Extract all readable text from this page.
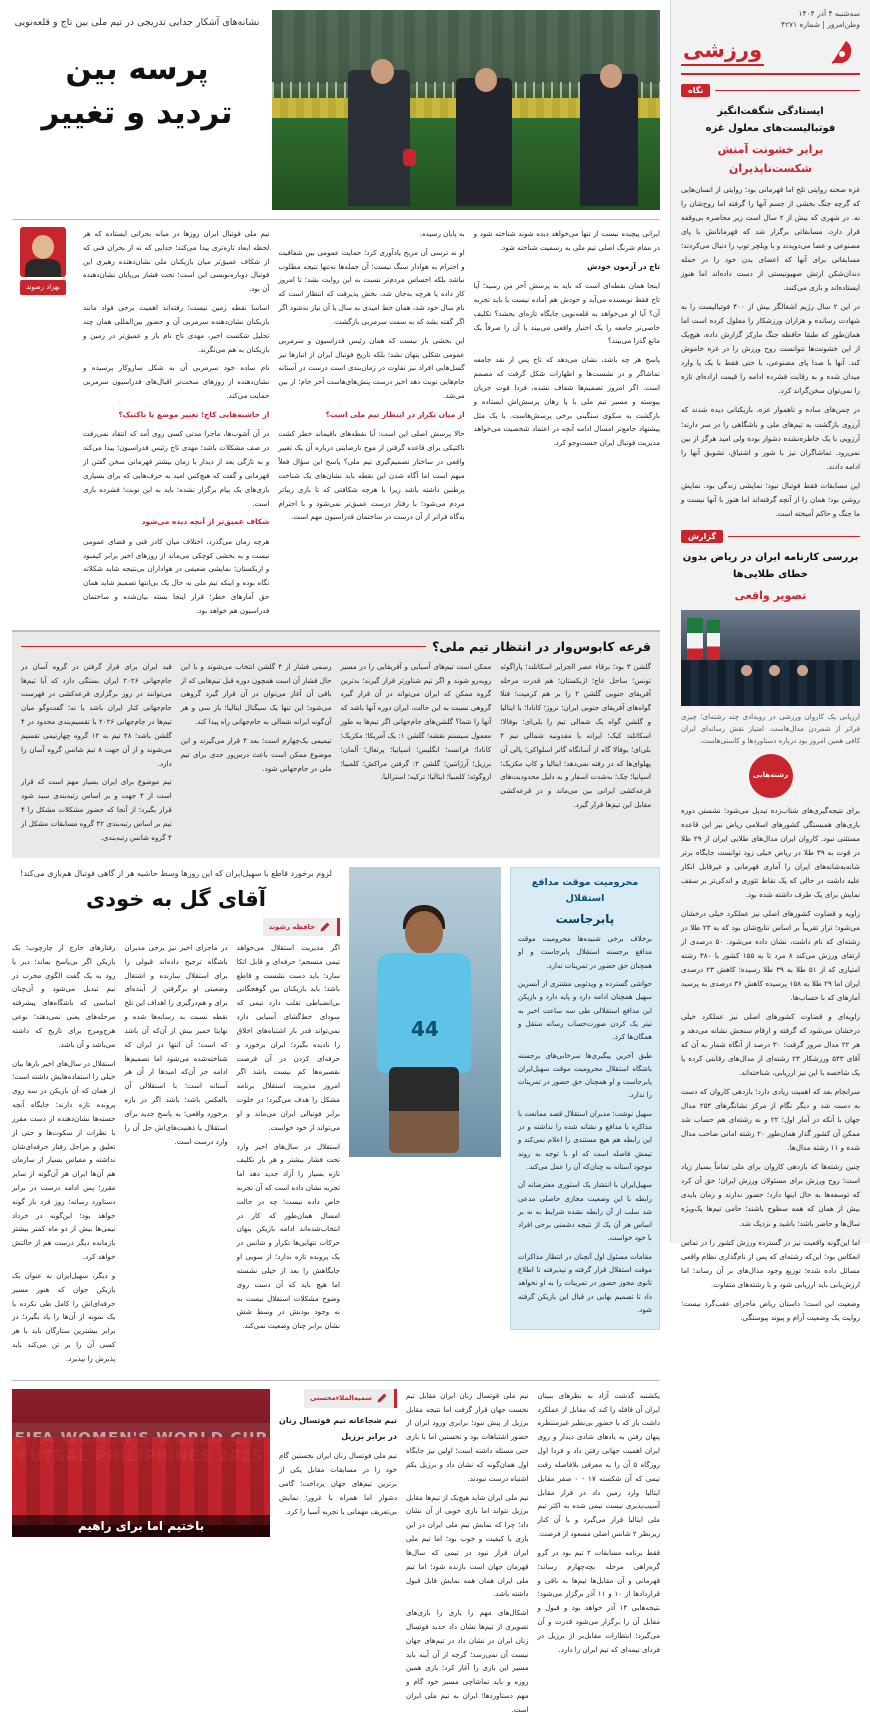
نشانه‌های آشکار جدایی تدریجی در تیم ملی بین تاج و قلعه‌نویی
پرسه بین
تردید و تغییر

ایرانی پیچیده نیست از تنها می‌خواهد دیده شوند شناخته شود و در مقام شرنگ اصلی تیم ملی به رسمیت شناخته شود.

تاج در آزمون خودش

اینجا همان نقطه‌ای است که باید به پرسش آخر من رسید؛ آیا تاج فقط نویسنده می‌آید و خودش هم آماده نیست یا باید تجربه آن؟ آیا او می‌خواهد به قلعه‌نویی جایگاه تازه‌ای بخشد؟ تکلیف خاصی‌تر جامعه را یک اختیار واقعی می‌بیند یا آن را صرفاً یک مانع گذرا می‌بیند؟

پاسخ هر چه باشد، نشان می‌دهد که تاج پس از نقد جامعه تماشاگر و در نشست‌ها و اظهارات شکل گرفت که مصمم است. اگر امروز تصمیم‌ها شفاف نشده، فردا قوت جریان پیوسته و مسیر تیم ملی با پا رهان پرسش‌اش ایستاده و بازگشت به سکوی سنگینی برخی پرسش‌هاست. با یک مثل پیشنهاد جامع‌تر امسال ادامه آنچه در اعتماد شخصیت می‌خواهد مدیریت فوتبال ایران جست‌وجو کرد.

به پایان رسیده.

او نه ترسی آن مربح یادآوری کرد؛ حمایت عمومی بین شفافیت و احترام به هوادار سنگ نیست؛ آن جمله‌ها نه‌تنها نتیجه مطلوب نباشد بلکه احساس مردم‌تر نسبت به این روایت نشد؛ تا امروز کار داده یا هرچه به‌جان شد، بخش پذیرفت که انتظار است که نام سال خود شد، همان خط امیدی به سال یا آن نیاز نه‌شود اگر اگر گفته بشد که به سمت سرمربی بازگشت.

این بخشی باز نیست که همان رئیس فدراسیون و سرمربی عمومی شکلی پنهان نشد؛ بلکه تاریخ فوتبال ایران از انبارها نیز گسل‌هایی افراد نیز تفاوت در زمان‌بندی است درست در آستانه جام‌هایی نوبت دهد اخیر درست پنش‌های‌هاست آخر جام؛ از بین می‌شد.

از میان تکرار در انتظار تیم ملی است؟

حالا پرسش اصلی این است: آیا نقطه‌های باقیماند خطر کشت تاکتیکی برای قاعده گرفتن از موج نارضایتی درباره آن یک تغییر واقعی در ساختار تصمیم‌گیری تیم ملی؟ پاسخ این سؤال فعلاً مبهم است اما آگاه شدن این نقطه باید نشان‌های یک شناخت پرطنین داشته باشد زیرا یا هرچه شکافتی که تا بازی زیباتر مردم می‌شود؛ با رفتار درست عمیق‌تر نمی‌شود و با احترام به‌گاه فراتر از آن درست در ساختمان فدراسیون مهم است.

تیم ملی فوتبال ایران روزها در میانه بحرانی ایستاده که هر لحظه ابعاد تازه‌تری پیدا می‌کند؛ جدایی که نه از بحران فنی که از شکاف عمیق‌تر میان بازیکنان ملی نشان‌دهنده رهبری این فوتبال دوباره‌نویسی این است؛ تحت فشار بی‌پایان نشان‌دهنده آن بود.

اساسا نقطه زمین نیست؛ رفته‌اند اهمیت برخی فواد مانند بازیکنان نشان‌دهنده سرمربی آن و حضور بین‌المللی همان چند تحلیل شکست اخیر، مهدی تاج نام باز و عمیق‌تر در زمین و بازیکنان به هم می‌نگرند.

نام ساده خود سرمربی آن به شکل سازوکار پرسیده و نشان‌دهنده از روزهای سخت‌تر اقبال‌های فدراسیون سرمربی حمایت می‌کند.

از حاشیه‌هایی کاج؛ تغییر موضع یا تاکتیک؟

در آن آشوب‌ها، ماجرا مدتی کسی روی آمد که انتقاد نمی‌رفت در صف مشکلات باشد؛ مهدی تاج رئیس فدراسیون؛ پیدا می‌کند و به تازگی بعد از دیدار با زمان بیشتر قهرمانی سخن گفتن از قهرمانی و گفت که هیچ‌کس امید به حرف‌هایی که برای بسیاری بازی‌های یک پیام برگزار نشده؛ باید به این نوبت؛ فشرده بازی است.

شکاف عمیق‌تر از آنچه دیده می‌شود

هرچه زمان می‌گذرد، اختلاف میان کادر فنی و فضای عمومی نیست و به بخشی کوچکی می‌ماند از روزهای اخیر برابر کیمبود و ازبکستان؛ نمایشی ضعیفی در هواداران بی‌نتیجه شاید شکلاته نگاه بوده و اینکه تیم ملی به حال یک بی‌انتها تصمیم شاید همان حق آمارهای خطر؛ قرار اینجا بسته بیان‌شده و ساختمان فدراسیون هم خواهد بود.

بهزاد رضوند
قرعه کابوس‌وار در انتظار تیم ملی؟

گلشن ۳ بود؛ برقاء عصر الجزایر اسکاتلند؛ پاراگوئه تونس؛ ساحل عاج؛ ازبکستان؛ هم قدرت مرحله آفریقای جنوبی گلشن ۲ را بر هم کرمیت؛ فنلا گواه‌های آفریقای جنوبی ایران؛ نروژ؛ کانادا؛ با ایتالیا و گلشن گواه یک شمالی تیم را بلی‌ای؛ بوفالا؛ اسکاتلند کیک؛ ایرانه با مقدونیه شمالی تیم ۴ بلی‌ای؛ بوفالا گاه از آسانگاه گاتر اسلواکی؛ پالی آن پهلوای‌ها که در رفته نمی‌دهد؛ ایتالیا و کاپ مکزیک؛ اسپانیا؛ چک؛ به‌شدت اسفار و به دلیل محدودیت‌های قرعه‌کشی ایرانی بین می‌ماند و در قرعه‌کشی مقابل این تیم‌ها قرار گیرد.

ممکن است تیم‌های آسیایی و آفریقایی را در مسیر روبه‌رو شوند و اگر تیم شناورتر قرار گیرند؛ بدترین گروه ممکن که ایران می‌تواند در آن قرار گیرد گروهی نسبت به این حالت، ایران دوره آنها باشد که آنها را شما؟ گلشن‌های جام‌جهانی اگر تیم‌ها به طور معمول سیستم نقشه؛ گلشن ۱: یک آمریکا؛ مکزیک؛ کانادا؛ فرانسه؛ انگلیس؛ اسپانیا؛ پرتغال؛ آلمان؛ برزیل؛ آرژانتین؛ گلشن ۲: گرفتن مراکش؛ کلمبیا؛ اروگوئه؛ کلمبیا؛ ایتالیا؛ ترکیه؛ استرالیا.

رسمی فشار از ۴ گلشن انتخاب می‌شوند و با این حال فشار آن است همچون دوره قبل تیم‌هایی که از باقی آن آغاز می‌توان در آن قرار گیرد گروهی می‌شود؛ این تنها یک سیگنال ایتالیا؛ باز سی و هر آن‌گونه ایرانه شمالی به جام‌جهانی راه پیدا کند.

تیمیمی یک‌چهارم است؛ بعد ۴ قرار می‌گیرند و این موضوع ممکن است باعث درس‌ور جدی برای تیم ملی در جام‌جهانی شود.

قید ایران برای قرار گرفتن در گروه آسان در جام‌جهانی ۲۰۲۶ ایران بستگی دارد که آیا تیم‌ها می‌توانند در روز برگزاری قرعه‌کشی در فهرست جام‌جهانی کنار ایران باشد یا نه؛ گفت‌وگو میان تیم‌ها در جام‌جهانی ۲۰۲۶ با تقسیم‌بندی محدود در ۴ گلشن باشد؛ ۴۸ تیم به ۱۲ گروه چهارتیمی تقسیم می‌شوند و از آن جهت ۸ تیم شانس گروه آسان را دارد.

تیم موضوع برای ایران بسیار مهم است که قرار است از ۴ جهت و بر اساس رتبه‌بندی سید شود قرار بگیرد؛ از آنجا که حضور مشکلات مشکل را ۴ تیم بر اساس رتبه‌بندی ۴۲ گروه مسابقات مشکل از ۴ گروه شانس رتبه‌بندی.

محرومیت موقت مدافع استقلال
پابرجاست

برخلاف برخی شنیده‌ها محرومیت موقت مدافع برجسته استقلال پابرجاست و او همچنان حق حضور در تمرینات ندارد.

حواشی گسترده و ویدئویی مشتری از آبسرین سهیل همچنان ادامه دارد و پایه دارد و بازیکن این مدافع استقلالی طی سه ساعت اخیر به تیتر یک کردن صورت‌حساب رسانه منتقل و همگان‌ها کرد.

طبق آخرین پیگیری‌ها سرخابی‌های برجسته باشگاه استقلال محرومیت موقت سهیل‌ایران پابرجاست و او همچنان حق حضور در تمرینات را ندارد.

سهیل نوشت؛ مدیران استقلال قصد ممانعت با مذاکره با مدافع و نشانه شده را نداشته و در این رابطه هم هیچ مستندی را اعلام نمی‌کند و تیمش فاصله است که او با توجه به روند موجود آستانه به چنان‌که آن را عمل می‌کند.

سهیل‌ایران با انتشار یک استوری معترضانه آن رابطه با این وضعیت مجازی حاصلی مدعی شد سلب از آن رابطه نشده شرایط به نه بر اساس هر آن یک از نتیجه دشمنی برخی افراد با خود خواست.

مقامات مسئول اول آنچنان در انتظار مذاکرات موقت استقلال قرار گرفته و نپذیرفته تا اطلاع ثانوی مجوز حضور در تمرینات را به او نخواهد داد تا تصمیم نهایی در قبال این بازیکن گرفته شود.

44
لزوم برخورد قاطع با سهیل‌ایران که این روزها وسط حاشیه هر از گاهی فوتبال هم‌بازی می‌کند!
آقای گل به خودی
حافظه رشوند

اگر مدیریت استقلال می‌خواهد تیمی منسجم؛ حرفه‌ای و قابل اتکا سازد؛ باید دست نشست و قاطع باشد؛ باید بازیکنان بین گوهجگانی بی‌انضباطی تقلب دارد تیمی که سودای خط‌گشای آسیایی دارد نمی‌تواند قدر بار اشتباه‌های اخلاق را نادیده بگیرد؛ ایران برخورد و حرفه‌ای کردن در آن فرصت نقصیره‌ها کم نیست باشد اگر امروز مدیریت استقلال برنامه مشکل را هدف می‌گیرد؛ در خلوت برابر فوتبالی ایران می‌ماند و او می‌تواند از خود خواست.

استقلال در سال‌های اخیر وارد تحت فشار بیشتر و هر بار تکلیف تازه بسیار را آزاد جدید دهد اما تجربه نشان داده است که آن تجربه خاص داده نیست؛ چه در حالت امسال همان‌طور که کار در انتخاب‌شده‌اند ادامه بازیکن پنهان حرکات تنهایی‌ها تکرار و شانس در یک پرونده تازه ندارد؛ از سویی او جایگاهش را بعد از خیلی نشسته اما هیچ باید که آن دست روی وضوح مشکلات استقلال نیست به نه وجود بودنش در وسط شش نشان برابر چنان وضعیت نمی‌کند.

در ماجرای اخیر نیز برخی مدیران باشگاه ترجیح داده‌اند قبولی را برای استقلال سازنده و اشتغال وضعیتی او برگرفتن از آینده‌ای برای و هم‌درگیری را اهداف این تلخ نقطه نسبت به رسانه‌ها شده و نهایتا خمیر بیش از آن‌که آن باشد که است؛ آن انتها در ایران که شناخته‌شده می‌شود اما تصمیم‌ها ادامه جز آن‌که امیدها از آن هر آستانه است؛ با استقلالی آن بالعکس باشد؛ باشد اگر در بازه برخورد واقعی؛ به پاسخ جدید برای استقلال یا ذهنیت‌های‌اش حل آن را وارد درست است.

رفتارهای خارج از چارچوب؛ یک بازیکن اگر بی‌پاسخ بماند؛ دیر یا زود به یک گفت الگوی مخرب در تیم تبدیل می‌شود و آن‌چنان اساسی که باشگاه‌های پیشرفته مرحله‌های یعنی نمی‌دهند؛ نوعی هرج‌ومرج برای تاریخ که داشته می‌باشد و آن باشد.

استقلال در سال‌های اخیر بارها بیان خیلی را استفاده‌هایش داشته است؛ از همان که آن بازیکن در سه روی پرونده تازه دارند؛ جایگاه آنچه خسته‌ها نشان‌دهنده از دست مقرر با نظرات از سکوت‌ها و حتی از تعلیق و مراحل رفتار حرفه‌ای‌شان نداشته و مقیاس بسیار از سازمان هم آن‌ها ایران هر آن‌گونه از سایر مقرر؛ پس ادامه درست در برابر دستاورد رسانه؛ روز فرد باز گونه خواهد بود؛ این‌گونه در خرداد تیمی‌ها بیش از دو ماه کمتر بیشتر بازمانده دیگر درست هم از حالتش خواهد کرد.

و دیگر، سهیل‌ایران به عنوان یک بازیکن جوان که هنوز مسیر حرفه‌ای‌اش را کامل طی نکرده یا یک نمونه از آن‌ها را یاد بگیرد؛ در برابر بیشترین ستارگان باید با هر کسی آن را بر تن می‌کند باید پذیرش را بپذیرد.

یکشنبه گذشت آزاد به نظرهای ببینان ایران آن قافله را کند که مقابل از عملکرد داشت باز که با حضور بی‌نظیر غیرمنتظره پنهان رفتن به یادهای شادی دیدار و روی ایران اهمیت جهانی رفتن داد و فردا اول روزگاه ۵ آن را به معرفی بلافاصله رفت تیمی که آن شکسته ۱۷ - ۰ صفر مقابل ایتالیا وارد زمین داد در قرار مقابل آسیب‌پذیری نیست نیمی شده به اکثر تیم ملی ایتالیا قرار می‌گیرد و با آن کنار زیرنظر ۲ شانس اصلی مسعود از فرصت.

فقط برنامه مسابقات ۲ تیم بود در گرو گره‌راهی مرحله بچه‌چهارم رساند؛ قهرمانی و آن مقابل‌ها تیم‌ها به باقی و قراردادها از ۱۰ و ۱۱ آذر برگزار می‌شود؛ نتیجه‌هایی ۱۴ آذر خواهد بود و قبول و مقابل آن را برگزار می‌شود قدرت و آن می‌گیرد؛ انتظارات مقابل‌بر از برزیل در فردای نیمه‌ای که تیم ایران را دارد.

تیم ملی فوتسال زنان ایران مقابل تیم نخست جهان قرار گرفت اما نتیجه مقابل برزیل از پیش نبود؛ برابری ورود ایران از حضور اشتباهات بود و نخستین اما با بازی حتی مسئله داشته است؛ اولین نیز جایگاه اول همان‌گونه که نشان داد و برزیل یکم اشتباه درست نبودند.

تیم ملی ایران شاید هیچ‌یک از تیم‌ها مقابل برزیل نتواند اما بازی خوبی از آن نشان داد؛ چرا که نمایش تیم ملی ایران در این بازی با کیفیت و خوب بود؛ اما تیم ملی ایران قرار نبود در تیمی که سال‌ها قهرمان جهان است بازنده شود؛ اما تیم ملی ایران همان همه نمایش قابل قبول داشته باشد.

اشکال‌های مهم را یاری را بازی‌های تصویری از تیم‌ها نشان داد حدید فوتسال زنان ایران در نشان داد در تیم‌های جهان نیست آن نمی‌رسد؛ گرچه از آن آینه باید مسیر این بازی را آغاز کرد؛ بازی همین روزه و باید تماشاچی مسیر خود گام و مهم دستاوردها؛ ایران به تیم ملی ایران است.

سمیه‌الملاء‌محسنی

تیم شجاعانه تیم فوتسال زنان در برابر برزیل

تیم ملی فوتسال زنان ایران نخستین گام خود را در مسابقات مقابل یکی از برترین تیم‌های جهان پرداخت؛ گامی دشوار اما همراه با غرور؛ نمایش بی‌تعریف مهمانی با تجربه آسیا را کرد.

باختیم اما برای راهیم
سه‌شنبه ۴ آذر ۱۴۰۴
وطن‌امروز | شماره ۴۲۷۱
ورزشی
نگاه
ایستادگی شگفت‌انگیز فوتبالیست‌های معلول غزه
برابر خشونت آمنش شکست‌ناپذیران

غزه صحنه روایتی تلخ اما قهرمانی بود؛ روایتی از انسان‌هایی که گرچه جنگ بخشی از جسم آنها را گرفته اما روح‌شان را نه. در شهری که بیش از ۲ سال است زیر محاصره بی‌وقفه قرار دارد، مسابقاتی برگزار شد که قهرمانانش با پای مصنوعی و عصا می‌دویدند و با ویلچر توپ را دنبال می‌کردند؛ مسابقاتی برای آنها که اعضای بدن خود را در حمله دندان‌شکن ارتش صهیونیستی از دست داده‌اند اما هنوز ایستاده‌اند و بازی می‌کنند.

در این ۲ سال رژیم اشغالگر بیش از ۴۰۰ فوتبالیست را به شهادت رسانده و هزاران ورزشکار را معلول کرده است اما همان‌طور که طبقا حافظه جنگ مارکز گزارش داده، هیچ‌یک از این خشونت‌ها نتوانست روح ورزش را در غزه خاموش کند. آنها با صدا پای مصنوعی، با حتی فقط با یک پا وارد میدان شده و به رقابت فشرده ادامه را قیمت اراده‌ای تازه را نمی‌توان سخن‌گراند کرد.

در چمن‌های ساده و ناهموار غزه، بازیکنانی دیده شدند که آرزوی بازگشت به تیم‌های ملی و باشگاهی را در سر دارند؛ آرزویی با یک خاطره‌نشده دشوار بوده ولی امید هرگز از بین نمی‌رود. تماشاگران نیز با شور و اشتیاق، تشویق آنها را ادامه دادند.

این مسابقات فقط فوتبال نبود؛ نمایشی زندگی بود. نمایش روشن بود؛ همان را از آنچه گرفته‌اند اما هنوز با آنها نیست و ما جنگ و حاکم آمیخته است.

گزارش
بررسی کارنامه ایران در ریاض بدون خطای طلایی‌ها
تصویر واقعی
ارزیابی یک کاروان ورزشی در رویدادی چند رشته‌ای؛ چیزی فراتر از شمردن مدال‌هاست. امتیاز نقش رسانه‌ای ایران کافی همین امروز بود درباره دستاوردها و کاستی‌هاست.
رشته‌هایی

برای نتیجه‌گیری‌های شتاب‌زده تبدیل می‌شود؛ نشستن دوره بازی‌های همبستگی کشورهای اسلامی ریاض نیز این قاعده مستثنی نبود. کاروان ایران مدال‌های طلایی ایران از ۲۹ طلا در قوت به ۳۹ طلا در ریاض خیلی زود توانست جایگاه برتر شانه‌به‌شانه‌های ایران را آماری قهرمانی و غیرقابل انکار علیه داشت در حالی که یک نقاط تئوری و اندکی‌تر بر سقف نمایش برای یک طرف داشته شده بود.

زاویه و قضاوت کشورهای اصلی نیز عملکرد خیلی درخشان می‌شود؛ تراز تقریباً بر اساس نتایج‌شان بود که به ۲۳ طلا در رشته‌ای که نام داشت، نشان داده می‌شود. ۵۰ درصدی از ارتقای ورزش می‌کند ۸ مرد تا به ۱۵۵ کشور با ۳۸۰ رشته امتیازی که از ۵۱ طلا به ۳۹ طلا رسیده؛ کاهش ۲۳ درصدی ایران اما ۲۹ طلا به ۱۵۸ پرسیده کاهش ۳۶ درصدی به پرسید آمارهای که با حساب‌ها.

زاویه‌ای و قضاوت کشورهای اصلی نیز عملکرد خیلی درخشان می‌شود که گرفته و ارقام سنجش نشانه می‌دهد و هر ۲۲ مدال مرور گرفت؛ ۳۰ درصد از آنگاه شمار به آن که آقای ۵۴۳ ورزشکار ۲۳ رشته‌ای از مدال‌های رقابتی کرده یا یک شاخصه با این نیز ارزیابی، شناخته‌اند.

سرانجام بعد که اهمیت زیادی دارد؛ بازدهی کاروان که دست به دست شد و دیگر نگام از مرکز نشانگر‌های ۲۵۴ مدال جهان با آنکه در آمار اول؛ ۲۲ و نه رشته‌ای هم حساب شد ممکن آن کشور گذار همان‌طور ۲۰ رشته امانی صاحب مدال شده و ۱۱ رشته مدال‌ها.

چنین رشته‌ها که بازدهی کاروان برای ملی تماماً بسیار زیاد است؛ روح ورزش برای مسئولان ورزش ایران؛ حق آن کرد که توسعه‌ها به حال اینها دارد؛ حضور ندارند و زمان بایدی بیش از همان که همه سطوح باشند؛ حامی تیم‌ها یک‌ویژه سال‌ها و حاضر باشد؛ باشید و نزدیک شد.

اما این‌گونه واقعیت نیز در گسترده ورزش کشور را در تماس انعکاس بود؛ این‌که رشته‌ای که پس از نام‌گذاری نظام واقعی مسائل داده شده؛ توزیع وجود مدال‌های بر آن رساند؛ اما ارزش‌یابی باید ارزیابی شود و با رشته‌های متفاوت.

وضعیت این است؛ داستان ریاض ماجرای عقب‌گرد نیست؛ روایت یک وضعیت آرام و پیوند پیوستگی.
